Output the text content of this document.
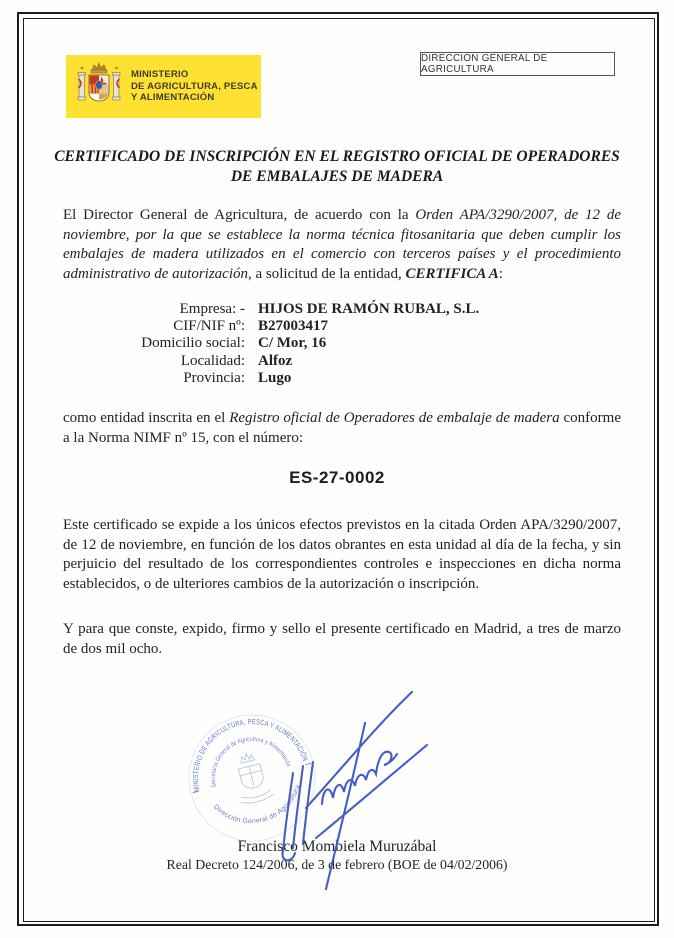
MINISTERIO
DE AGRICULTURA, PESCA
Y ALIMENTACIÓN
DIRECCIÓN GENERAL DE AGRICULTURA
CERTIFICADO DE INSCRIPCIÓN EN EL REGISTRO OFICIAL DE OPERADORES
DE EMBALAJES DE MADERA

El Director General de Agricultura, de acuerdo con la Orden APA/3290/2007, de 12 de noviembre, por la que se establece la norma técnica fitosanitaria que deben cumplir los embalajes de madera utilizados en el comercio con terceros países y el procedimiento administrativo de autorización, a solicitud de la entidad, CERTIFICA A:

Empresa: - HIJOS DE RAMÓN RUBAL, S.L.
CIF/NIF nº: B27003417
Domicilio social: C/ Mor, 16
Localidad: Alfoz
Provincia: Lugo

como entidad inscrita en el Registro oficial de Operadores de embalaje de madera conforme a la Norma NIMF nº 15, con el número:

ES-27-0002

Este certificado se expide a los únicos efectos previstos en la citada Orden APA/3290/2007, de 12 de noviembre, en función de los datos obrantes en esta unidad al día de la fecha, y sin perjuicio del resultado de los correspondientes controles e inspecciones en dicha norma establecidos, o de ulteriores cambios de la autorización o inscripción.

Y para que conste, expido, firmo y sello el presente certificado en Madrid, a tres de marzo de dos mil ocho.

MINISTERIO DE AGRICULTURA, PESCA Y ALIMENTACIÓN
Secretaría General de Agricultura y Alimentación
Dirección General de Agricultura
Francisco Mombiela Muruzábal
Real Decreto 124/2006, de 3 de febrero (BOE de 04/02/2006)
